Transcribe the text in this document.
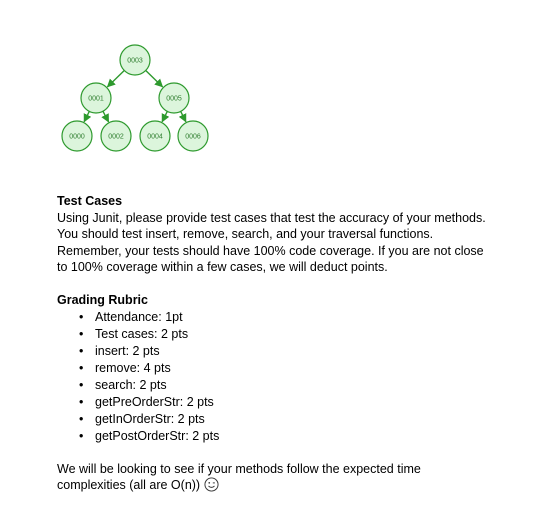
0003
0001	0005
0000	0002	0004	0006

Test Cases

Using Junit, please provide test cases that test the accuracy of your methods.

You should test insert, remove, search, and your traversal functions.

Remember, your tests should have 100% code coverage. If you are not close

to 100% coverage within a few cases, we will deduct points.

Grading Rubric

• Attendance: 1pt
• Test cases: 2 pts
• insert: 2 pts
• remove: 4 pts
• search: 2 pts
• getPreOrderStr: 2 pts
• getInOrderStr: 2 pts
• getPostOrderStr: 2 pts

We will be looking to see if your methods follow the expected time

complexities (all are O(n))
